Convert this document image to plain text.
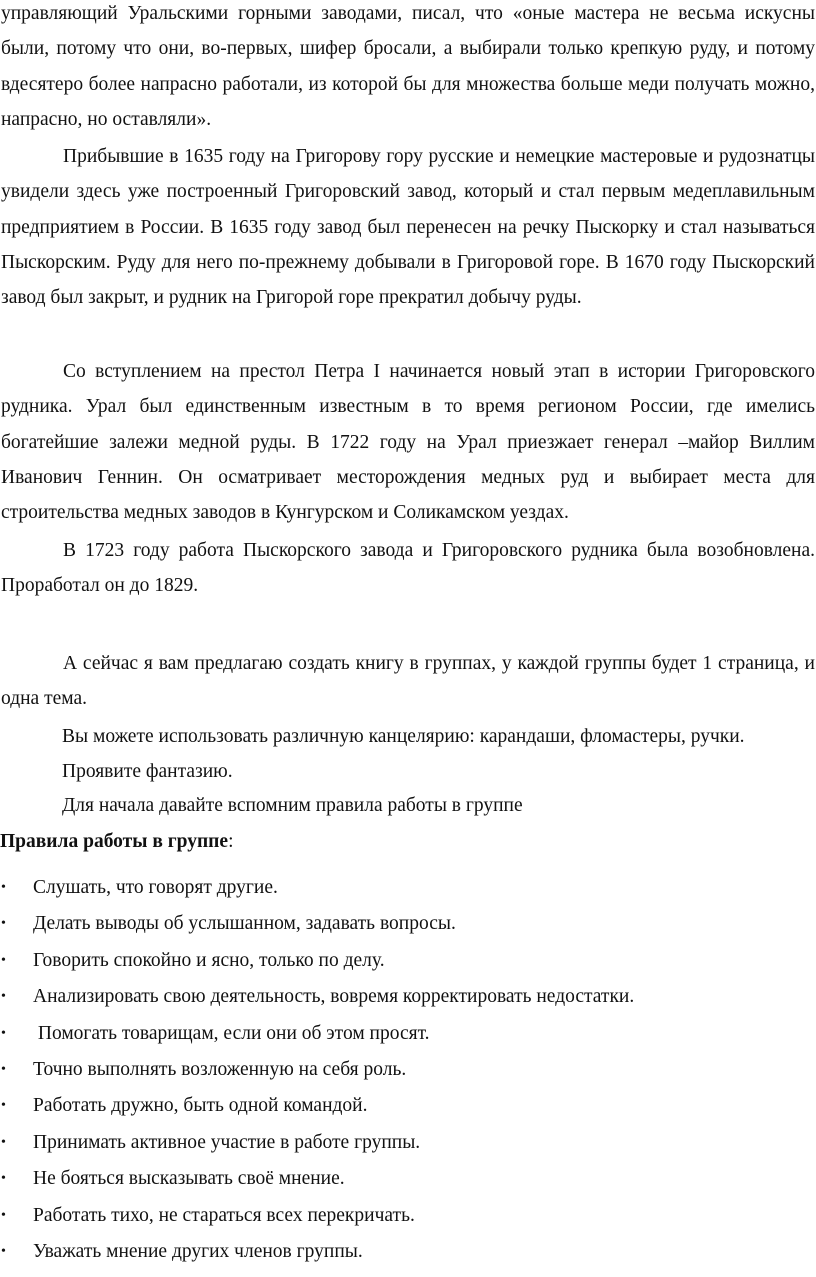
управляющий Уральскими горными заводами, писал, что «оные мастера не весьма искусны были, потому что они, во-первых, шифер бросали, а выбирали только крепкую руду, и потому вдесятеро более напрасно работали, из которой бы для множества больше меди получать можно, напрасно, но оставляли».

Прибывшие в 1635 году на Григорову гору русские и немецкие мастеровые и рудознатцы увидели здесь уже построенный Григоровский завод, который и стал первым медеплавильным предприятием в России. В 1635 году завод был перенесен на речку Пыскорку и стал называться Пыскорским. Руду для него по-прежнему добывали в Григоровой горе. В 1670 году Пыскорский завод был закрыт, и рудник на Григорой горе прекратил добычу руды.

Со вступлением на престол Петра I начинается новый этап в истории Григоровского рудника. Урал был единственным известным в то время регионом России, где имелись богатейшие залежи медной руды. В 1722 году на Урал приезжает генерал –майор Виллим Иванович Геннин. Он осматривает месторождения медных руд и выбирает места для строительства медных заводов в Кунгурском и Соликамском уездах.

В 1723 году работа Пыскорского завода и Григоровского рудника была возобновлена. Проработал он до 1829.

А сейчас я вам предлагаю создать книгу в группах, у каждой группы будет 1 страница, и одна тема.

Вы можете использовать различную канцелярию: карандаши, фломастеры, ручки.
Проявите фантазию.
Для начала давайте вспомним правила работы в группе
Правила работы в группе:
• Слушать, что говорят другие.
• Делать выводы об услышанном, задавать вопросы.
• Говорить спокойно и ясно, только по делу.
• Анализировать свою деятельность, вовремя корректировать недостатки.
• Помогать товарищам, если они об этом просят.
• Точно выполнять возложенную на себя роль.
• Работать дружно, быть одной командой.
• Принимать активное участие в работе группы.
• Не бояться высказывать своё мнение.
• Работать тихо, не стараться всех перекричать.
• Уважать мнение других членов группы.
